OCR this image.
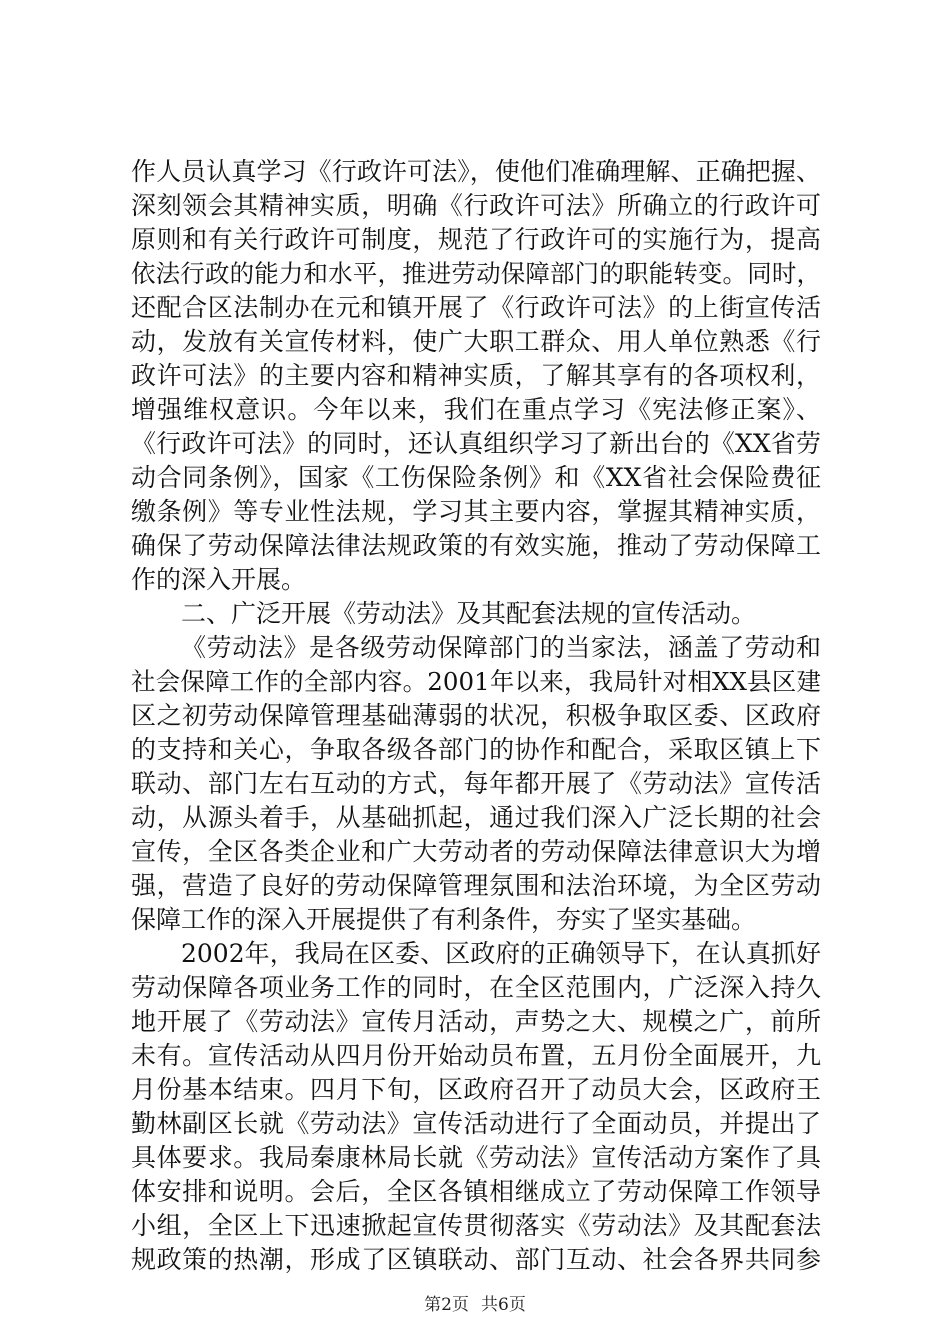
作人员认真学习《行政许可法》，使他们准确理解、正确把握、
深刻领会其精神实质，明确《行政许可法》所确立的行政许可
原则和有关行政许可制度，规范了行政许可的实施行为，提高
依法行政的能力和水平，推进劳动保障部门的职能转变。同时，
还配合区法制办在元和镇开展了《行政许可法》的上街宣传活
动，发放有关宣传材料，使广大职工群众、用人单位熟悉《行
政许可法》的主要内容和精神实质，了解其享有的各项权利，
增强维权意识。今年以来，我们在重点学习《宪法修正案》、
《行政许可法》的同时，还认真组织学习了新出台的《XX省劳
动合同条例》，国家《工伤保险条例》和《XX省社会保险费征
缴条例》等专业性法规，学习其主要内容，掌握其精神实质，
确保了劳动保障法律法规政策的有效实施，推动了劳动保障工
作的深入开展。
二、广泛开展《劳动法》及其配套法规的宣传活动。
《劳动法》是各级劳动保障部门的当家法，涵盖了劳动和
社会保障工作的全部内容。2001年以来，我局针对相XX县区建
区之初劳动保障管理基础薄弱的状况，积极争取区委、区政府
的支持和关心，争取各级各部门的协作和配合，采取区镇上下
联动、部门左右互动的方式，每年都开展了《劳动法》宣传活
动，从源头着手，从基础抓起，通过我们深入广泛长期的社会
宣传，全区各类企业和广大劳动者的劳动保障法律意识大为增
强，营造了良好的劳动保障管理氛围和法治环境，为全区劳动
保障工作的深入开展提供了有利条件，夯实了坚实基础。
2002年，我局在区委、区政府的正确领导下，在认真抓好
劳动保障各项业务工作的同时，在全区范围内，广泛深入持久
地开展了《劳动法》宣传月活动，声势之大、规模之广，前所
未有。宣传活动从四月份开始动员布置，五月份全面展开，九
月份基本结束。四月下旬，区政府召开了动员大会，区政府王
勤林副区长就《劳动法》宣传活动进行了全面动员，并提出了
具体要求。我局秦康林局长就《劳动法》宣传活动方案作了具
体安排和说明。会后，全区各镇相继成立了劳动保障工作领导
小组，全区上下迅速掀起宣传贯彻落实《劳动法》及其配套法
规政策的热潮，形成了区镇联动、部门互动、社会各界共同参
第2页 共6页
